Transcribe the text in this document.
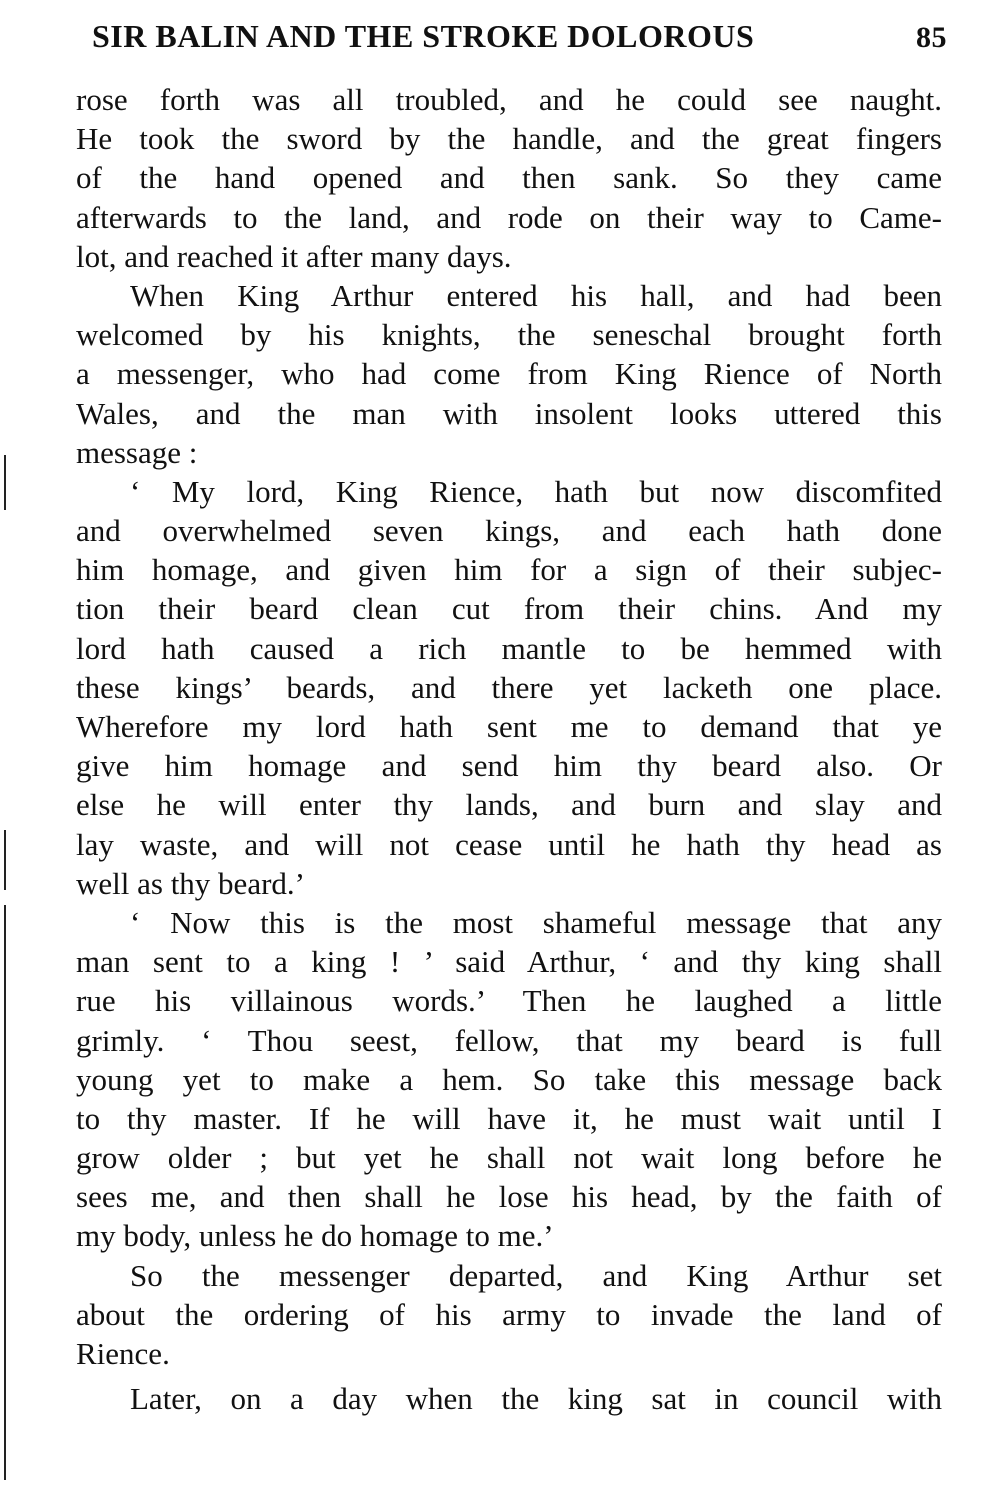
SIR BALIN AND THE STROKE DOLOROUS	85
rose forth was all troubled, and he could see naught.
He took the sword by the handle, and the great fingers
of the hand opened and then sank. So they came
afterwards to the land, and rode on their way to Came-
lot, and reached it after many days.
When King Arthur entered his hall, and had been
welcomed by his knights, the seneschal brought forth
a messenger, who had come from King Rience of North
Wales, and the man with insolent looks uttered this
message :
‘ My lord, King Rience, hath but now discomfited
and overwhelmed seven kings, and each hath done
him homage, and given him for a sign of their subjec-
tion their beard clean cut from their chins. And my
lord hath caused a rich mantle to be hemmed with
these kings’ beards, and there yet lacketh one place.
Wherefore my lord hath sent me to demand that ye
give him homage and send him thy beard also. Or
else he will enter thy lands, and burn and slay and
lay waste, and will not cease until he hath thy head as
well as thy beard.’
‘ Now this is the most shameful message that any
man sent to a king ! ’ said Arthur, ‘ and thy king shall
rue his villainous words.’ Then he laughed a little
grimly. ‘ Thou seest, fellow, that my beard is full
young yet to make a hem. So take this message back
to thy master. If he will have it, he must wait until I
grow older ; but yet he shall not wait long before he
sees me, and then shall he lose his head, by the faith of
my body, unless he do homage to me.’
So the messenger departed, and King Arthur set
about the ordering of his army to invade the land of
Rience.
Later, on a day when the king sat in council with
